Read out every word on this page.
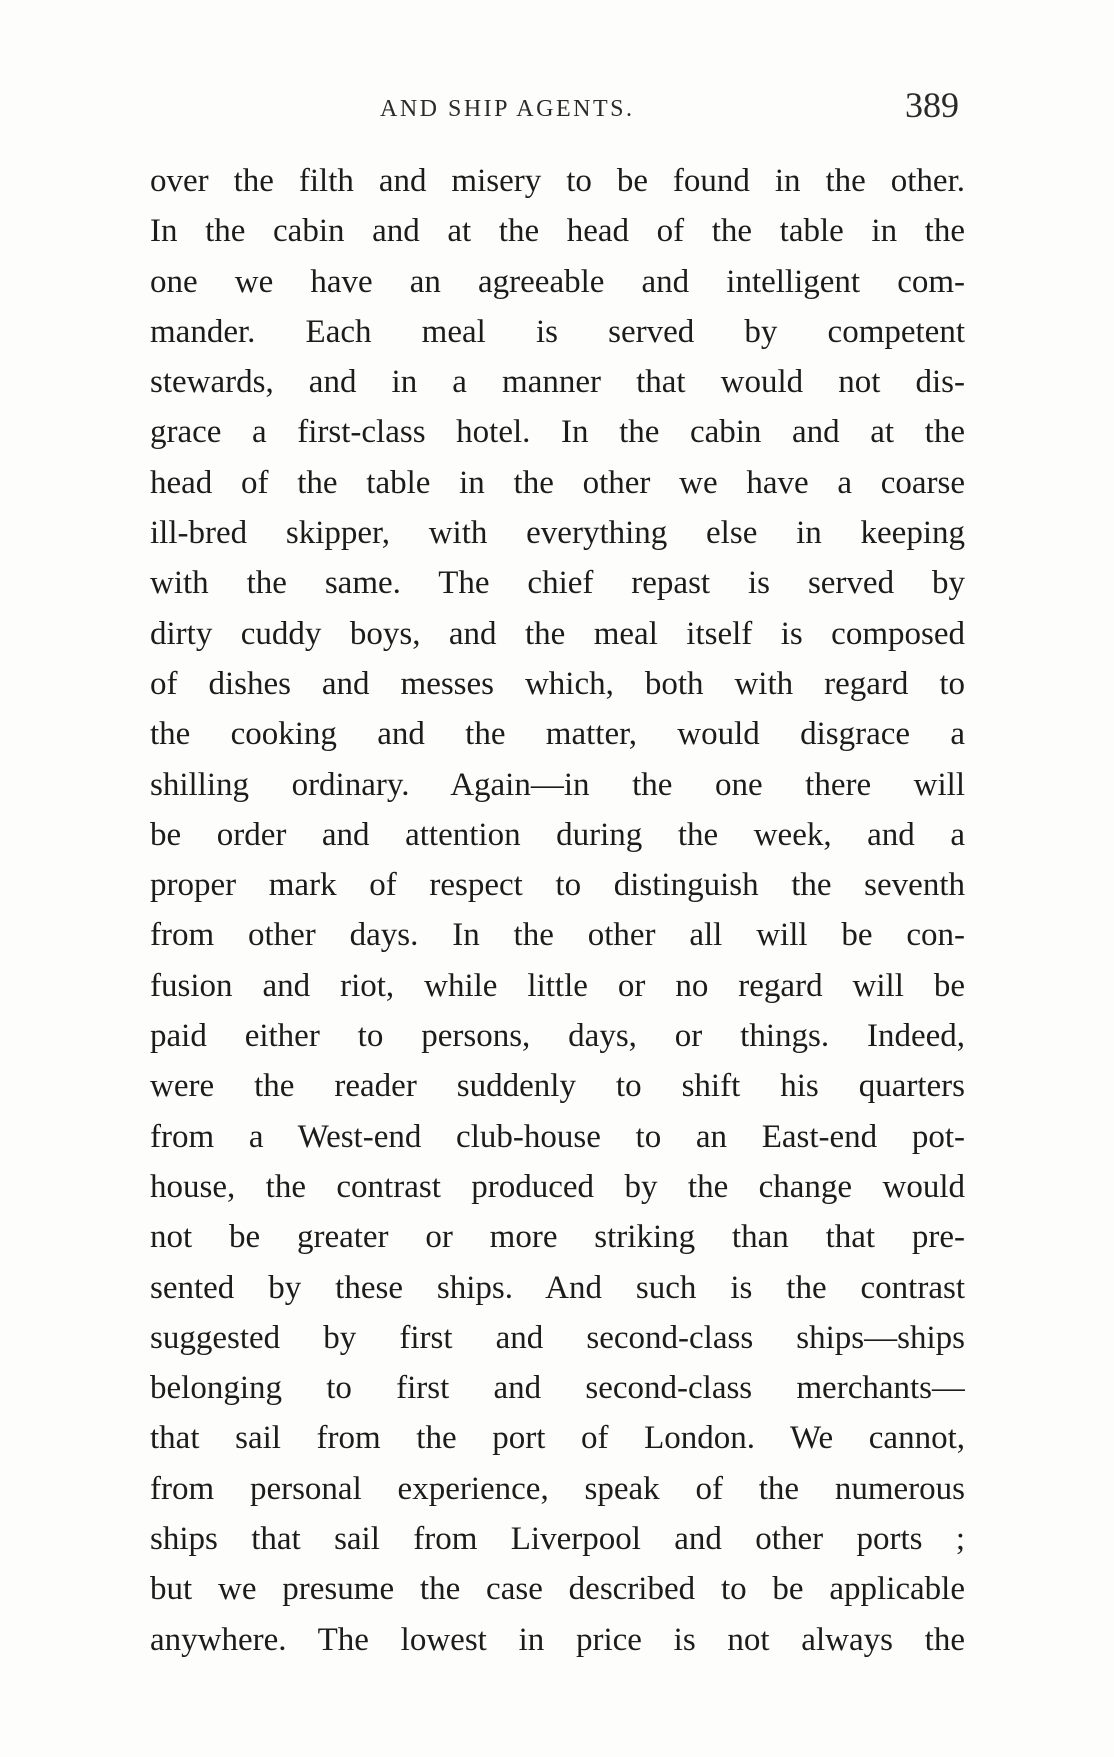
AND SHIP AGENTS.	389
over the filth and misery to be found in the other.
In the cabin and at the head of the table in the
one we have an agreeable and intelligent com-
mander. Each meal is served by competent
stewards, and in a manner that would not dis-
grace a first-class hotel. In the cabin and at the
head of the table in the other we have a coarse
ill-bred skipper, with everything else in keeping
with the same. The chief repast is served by
dirty cuddy boys, and the meal itself is composed
of dishes and messes which, both with regard to
the cooking and the matter, would disgrace a
shilling ordinary. Again—in the one there will
be order and attention during the week, and a
proper mark of respect to distinguish the seventh
from other days. In the other all will be con-
fusion and riot, while little or no regard will be
paid either to persons, days, or things. Indeed,
were the reader suddenly to shift his quarters
from a West-end club-house to an East-end pot-
house, the contrast produced by the change would
not be greater or more striking than that pre-
sented by these ships. And such is the contrast
suggested by first and second-class ships—ships
belonging to first and second-class merchants—
that sail from the port of London. We cannot,
from personal experience, speak of the numerous
ships that sail from Liverpool and other ports ;
but we presume the case described to be applicable
anywhere. The lowest in price is not always the
